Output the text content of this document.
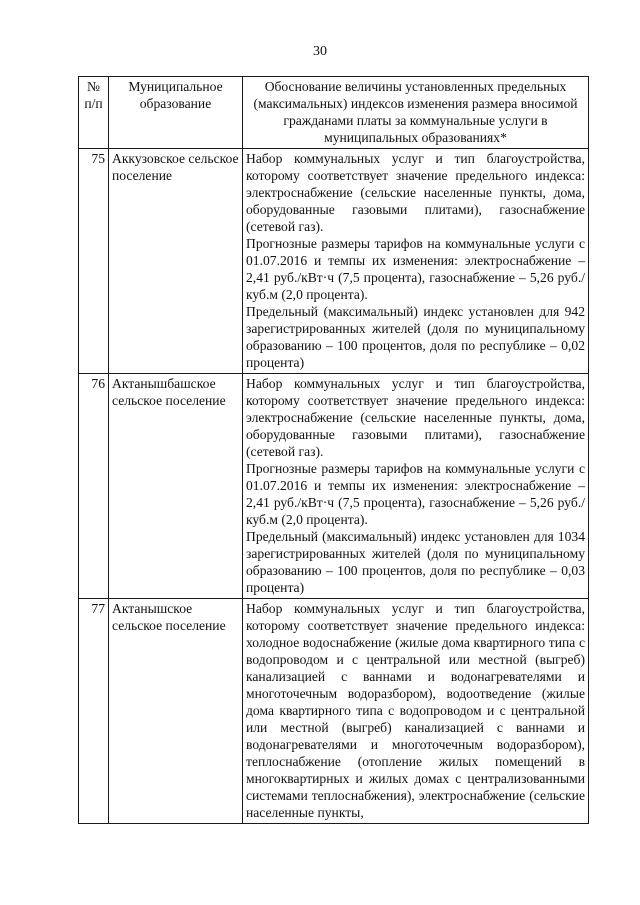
30
№ п/п	Муниципальное образование	Обоснование величины установленных предельных (максимальных) индексов изменения размера вносимой гражданами платы за коммунальные услуги в муниципальных образованиях*
75	Аккузовское сельское поселение	Набор коммунальных услуг и тип благоустройства, которому соответствует значение предельного индекса: электроснабжение (сельские населенные пункты, дома, оборудованные газовыми плитами), газоснабжение (сетевой газ).

Прогнозные размеры тарифов на коммунальные услуги с 01.07.2016 и темпы их изменения: электроснабжение – 2,41 руб./кВт·ч (7,5 процента), газоснабжение – 5,26 руб./куб.м (2,0 процента).

Предельный (максимальный) индекс установлен для 942 зарегистрированных жителей (доля по муниципальному образованию – 100 процентов, доля по республике – 0,02 процента)

76	Актанышбашское сельское поселение	Набор коммунальных услуг и тип благоустройства, которому соответствует значение предельного индекса: электроснабжение (сельские населенные пункты, дома, оборудованные газовыми плитами), газоснабжение (сетевой газ).

Прогнозные размеры тарифов на коммунальные услуги с 01.07.2016 и темпы их изменения: электроснабжение – 2,41 руб./кВт·ч (7,5 процента), газоснабжение – 5,26 руб./куб.м (2,0 процента).

Предельный (максимальный) индекс установлен для 1034 зарегистрированных жителей (доля по муниципальному образованию – 100 процентов, доля по республике – 0,03 процента)

77	Актанышское сельское поселение	Набор коммунальных услуг и тип благоустройства, которому соответствует значение предельного индекса: холодное водоснабжение (жилые дома квартирного типа с водопроводом и с центральной или местной (выгреб) канализацией с ваннами и водонагревателями и многоточечным водоразбором), водоотведение (жилые дома квартирного типа с водопроводом и с центральной или местной (выгреб) канализацией с ваннами и водонагревателями и многоточечным водоразбором), теплоснабжение (отопление жилых помещений в многоквартирных и жилых домах с централизованными системами теплоснабжения), электроснабжение (сельские населенные пункты,
